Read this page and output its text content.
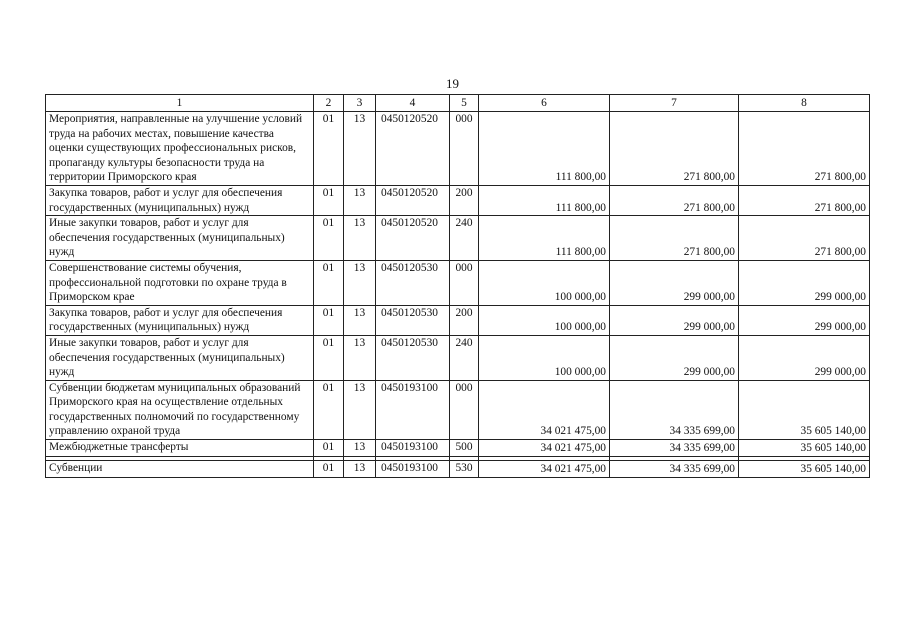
19
1	2	3	4	5	6	7	8
Мероприятия, направленные на улучшение условий труда на рабочих местах, повышение качества оценки существующих профессиональных рисков, пропаганду культуры безопасности труда на территории Приморского края	01	13	0450120520	000	111 800,00	271 800,00	271 800,00
Закупка товаров, работ и услуг для обеспечения государственных (муниципальных) нужд	01	13	0450120520	200	111 800,00	271 800,00	271 800,00
Иные закупки товаров, работ и услуг для обеспечения государственных (муниципальных) нужд	01	13	0450120520	240	111 800,00	271 800,00	271 800,00
Совершенствование системы обучения, профессиональной подготовки по охране труда в Приморском крае	01	13	0450120530	000	100 000,00	299 000,00	299 000,00
Закупка товаров, работ и услуг для обеспечения государственных (муниципальных) нужд	01	13	0450120530	200	100 000,00	299 000,00	299 000,00
Иные закупки товаров, работ и услуг для обеспечения государственных (муниципальных) нужд	01	13	0450120530	240	100 000,00	299 000,00	299 000,00
Субвенции бюджетам муниципальных образований Приморского края на осуществление отдельных государственных полномочий по государственному управлению охраной труда	01	13	0450193100	000	34 021 475,00	34 335 699,00	35 605 140,00
Межбюджетные трансферты	01	13	0450193100	500	34 021 475,00	34 335 699,00	35 605 140,00

Субвенции	01	13	0450193100	530	34 021 475,00	34 335 699,00	35 605 140,00
